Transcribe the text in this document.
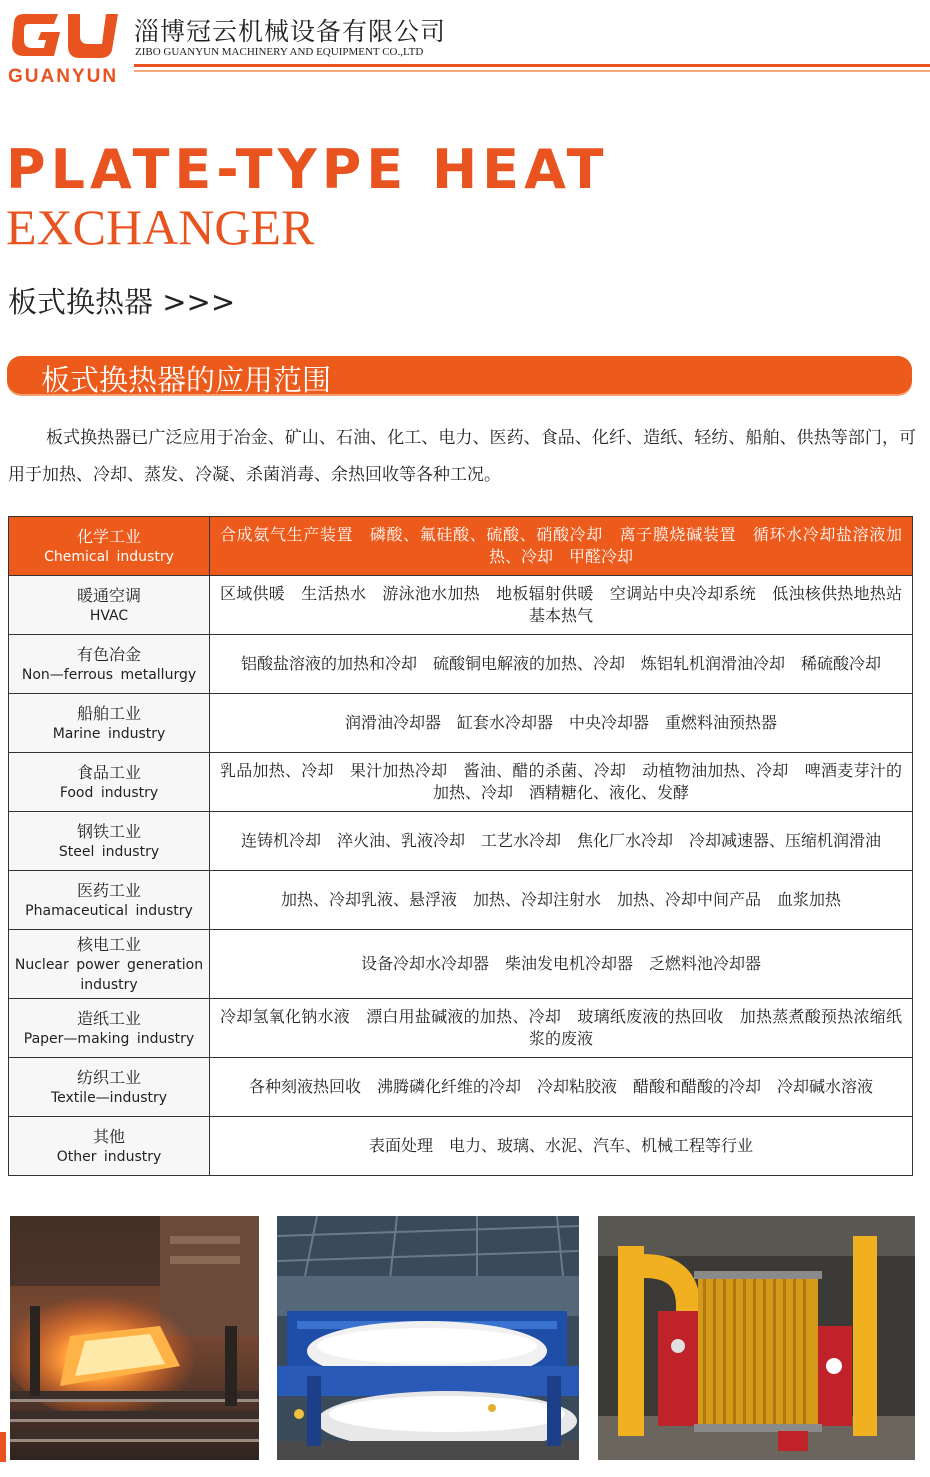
GUANYUN
淄博冠云机械设备有限公司
ZIBO GUANYUN MACHINERY AND EQUIPMENT CO.,LTD
PLATE-TYPE HEAT
EXCHANGER
板式换热器 >>>
板式换热器的应用范围
板式换热器已广泛应用于冶金、矿山、石油、化工、电力、医药、食品、化纤、造纸、轻纺、船舶、供热等部门，可用于加热、冷却、蒸发、冷凝、杀菌消毒、余热回收等各种工况。
化学工业
Chemical industry	合成氨气生产装置　磷酸、氟硅酸、硫酸、硝酸冷却　离子膜烧碱装置　循环水冷却盐溶液加热、冷却　甲醛冷却

暖通空调
HVAC	区域供暖　生活热水　游泳池水加热　地板辐射供暖　空调站中央冷却系统　低浊核供热地热站基本热气

有色冶金
Non—ferrous metallurgy	铝酸盐溶液的加热和冷却　硫酸铜电解液的加热、冷却　炼铝轧机润滑油冷却　稀硫酸冷却

船舶工业
Marine industry	润滑油冷却器　缸套水冷却器　中央冷却器　重燃料油预热器

食品工业
Food industry	乳品加热、冷却　果汁加热冷却　酱油、醋的杀菌、冷却　动植物油加热、冷却　啤酒麦芽汁的加热、冷却　酒精糖化、液化、发酵

钢铁工业
Steel industry	连铸机冷却　淬火油、乳液冷却　工艺水冷却　焦化厂水冷却　冷却减速器、压缩机润滑油

医药工业
Phamaceutical industry	加热、冷却乳液、悬浮液　加热、冷却注射水　加热、冷却中间产品　血浆加热

核电工业
Nuclear power generation industry	设备冷却水冷却器　柴油发电机冷却器　乏燃料池冷却器

造纸工业
Paper—making industry	冷却氢氧化钠水液　漂白用盐碱液的加热、冷却　玻璃纸废液的热回收　加热蒸煮酸预热浓缩纸浆的废液

纺织工业
Textile—industry	各种刻液热回收　沸腾磷化纤维的冷却　冷却粘胶液　醋酸和醋酸的冷却　冷却碱水溶液

其他
Other industry	表面处理　电力、玻璃、水泥、汽车、机械工程等行业
